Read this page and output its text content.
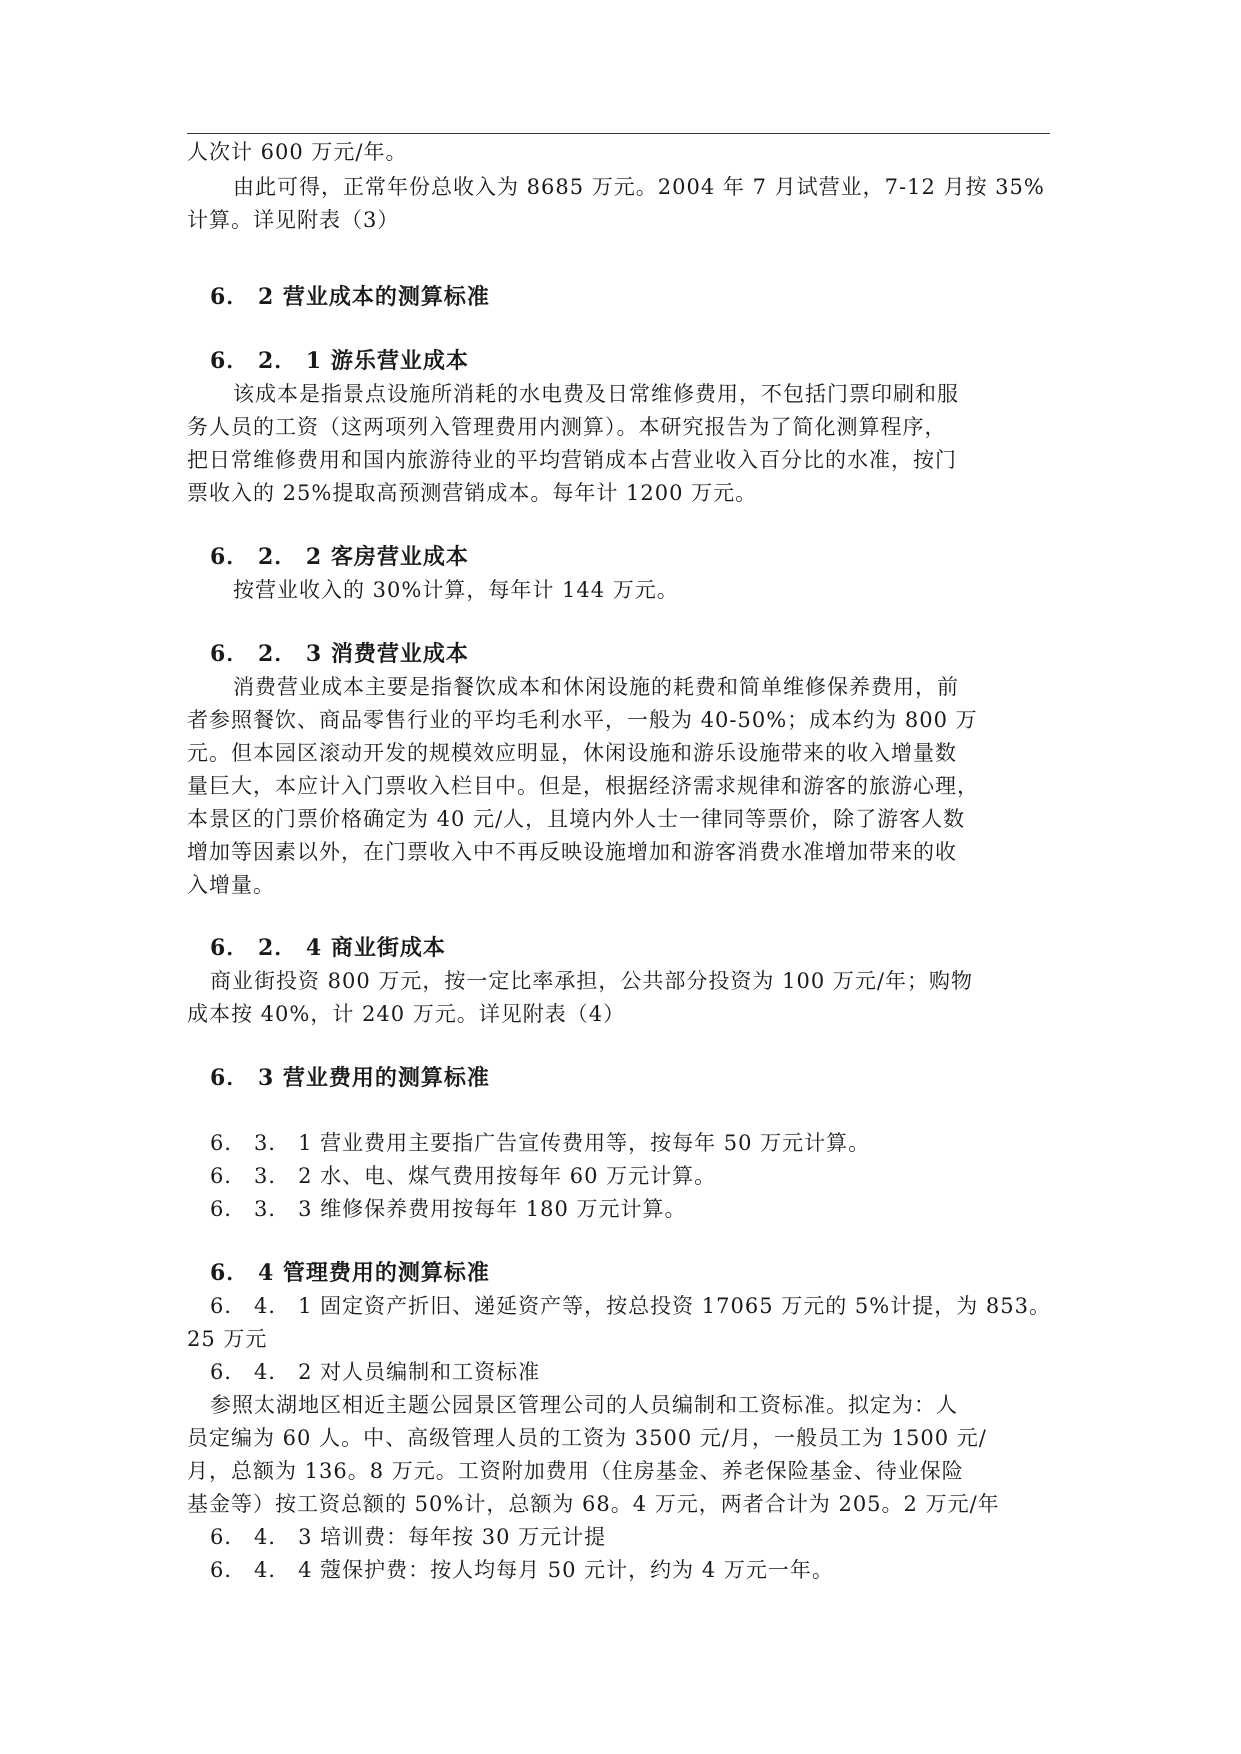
人次计 600 万元/年。
由此可得，正常年份总收入为 8685 万元。2004 年 7 月试营业，7-12 月按 35%
计算。详见附表（3）
6． 2 营业成本的测算标准
6． 2． 1 游乐营业成本
该成本是指景点设施所消耗的水电费及日常维修费用，不包括门票印刷和服
务人员的工资（这两项列入管理费用内测算）。本研究报告为了简化测算程序，
把日常维修费用和国内旅游待业的平均营销成本占营业收入百分比的水准，按门
票收入的 25%提取高预测营销成本。每年计 1200 万元。
6． 2． 2 客房营业成本
按营业收入的 30%计算，每年计 144 万元。
6． 2． 3 消费营业成本
消费营业成本主要是指餐饮成本和休闲设施的耗费和简单维修保养费用，前
者参照餐饮、商品零售行业的平均毛利水平，一般为 40-50%；成本约为 800 万
元。但本园区滚动开发的规模效应明显，休闲设施和游乐设施带来的收入增量数
量巨大，本应计入门票收入栏目中。但是，根据经济需求规律和游客的旅游心理，
本景区的门票价格确定为 40 元/人，且境内外人士一律同等票价，除了游客人数
增加等因素以外，在门票收入中不再反映设施增加和游客消费水准增加带来的收
入增量。
6． 2． 4 商业街成本
商业街投资 800 万元，按一定比率承担，公共部分投资为 100 万元/年；购物
成本按 40%，计 240 万元。详见附表（4）
6． 3 营业费用的测算标准
6． 3． 1 营业费用主要指广告宣传费用等，按每年 50 万元计算。
6． 3． 2 水、电、煤气费用按每年 60 万元计算。
6． 3． 3 维修保养费用按每年 180 万元计算。
6． 4 管理费用的测算标准
6． 4． 1 固定资产折旧、递延资产等，按总投资 17065 万元的 5%计提，为 853。
25 万元
6． 4． 2 对人员编制和工资标准
参照太湖地区相近主题公园景区管理公司的人员编制和工资标准。拟定为：人
员定编为 60 人。中、高级管理人员的工资为 3500 元/月，一般员工为 1500 元/
月，总额为 136。8 万元。工资附加费用（住房基金、养老保险基金、待业保险
基金等）按工资总额的 50%计，总额为 68。4 万元，两者合计为 205。2 万元/年
6． 4． 3 培训费：每年按 30 万元计提
6． 4． 4 蔻保护费：按人均每月 50 元计，约为 4 万元一年。
